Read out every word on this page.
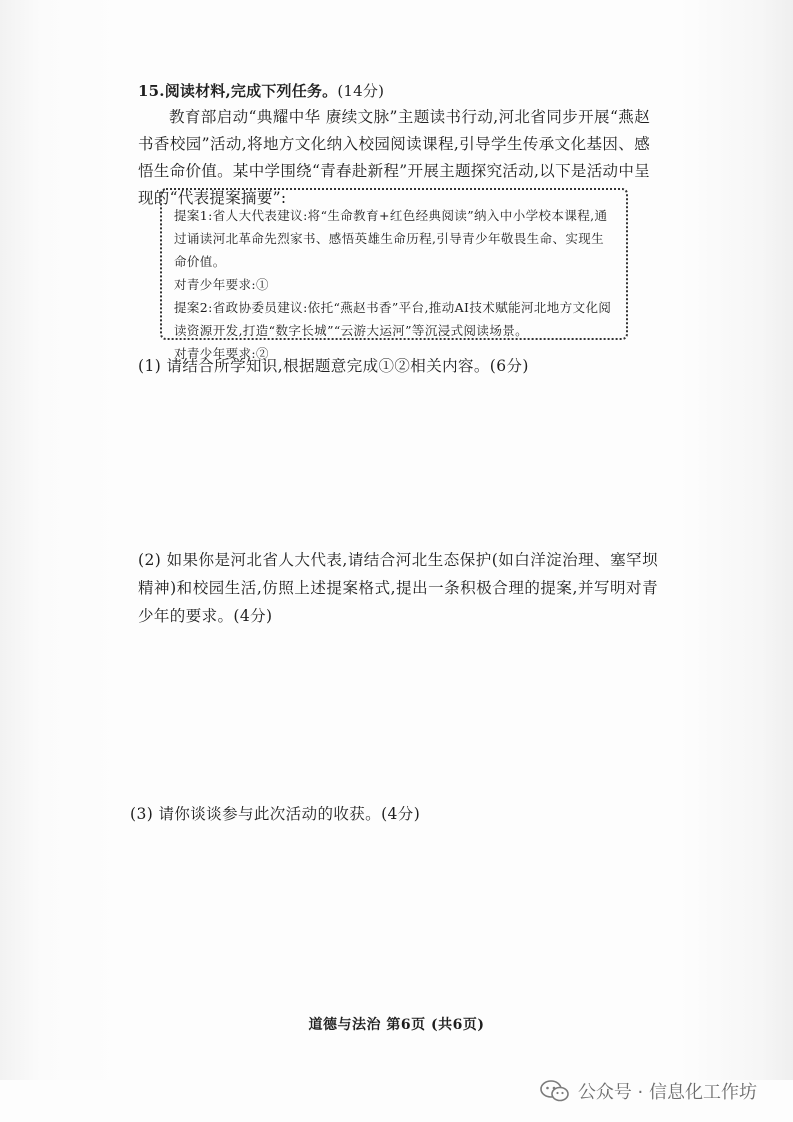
15.阅读材料,完成下列任务。(14分)
教育部启动“典耀中华 赓续文脉”主题读书行动,河北省同步开展“燕赵书香校园”活动,将地方文化纳入校园阅读课程,引导学生传承文化基因、感悟生命价值。某中学围绕“青春赴新程”开展主题探究活动,以下是活动中呈现的“代表提案摘要”:

提案1:省人大代表建议:将“生命教育+红色经典阅读”纳入中小学校本课程,通过诵读河北革命先烈家书、感悟英雄生命历程,引导青少年敬畏生命、实现生命价值。

对青少年要求:①

提案2:省政协委员建议:依托“燕赵书香”平台,推动AI技术赋能河北地方文化阅读资源开发,打造“数字长城”“云游大运河”等沉浸式阅读场景。

对青少年要求:②

(1) 请结合所学知识,根据题意完成①②相关内容。(6分)
(2) 如果你是河北省人大代表,请结合河北生态保护(如白洋淀治理、塞罕坝精神)和校园生活,仿照上述提案格式,提出一条积极合理的提案,并写明对青少年的要求。(4分)
(3) 请你谈谈参与此次活动的收获。(4分)
道德与法治 第6页 (共6页)
公众号 · 信息化工作坊
